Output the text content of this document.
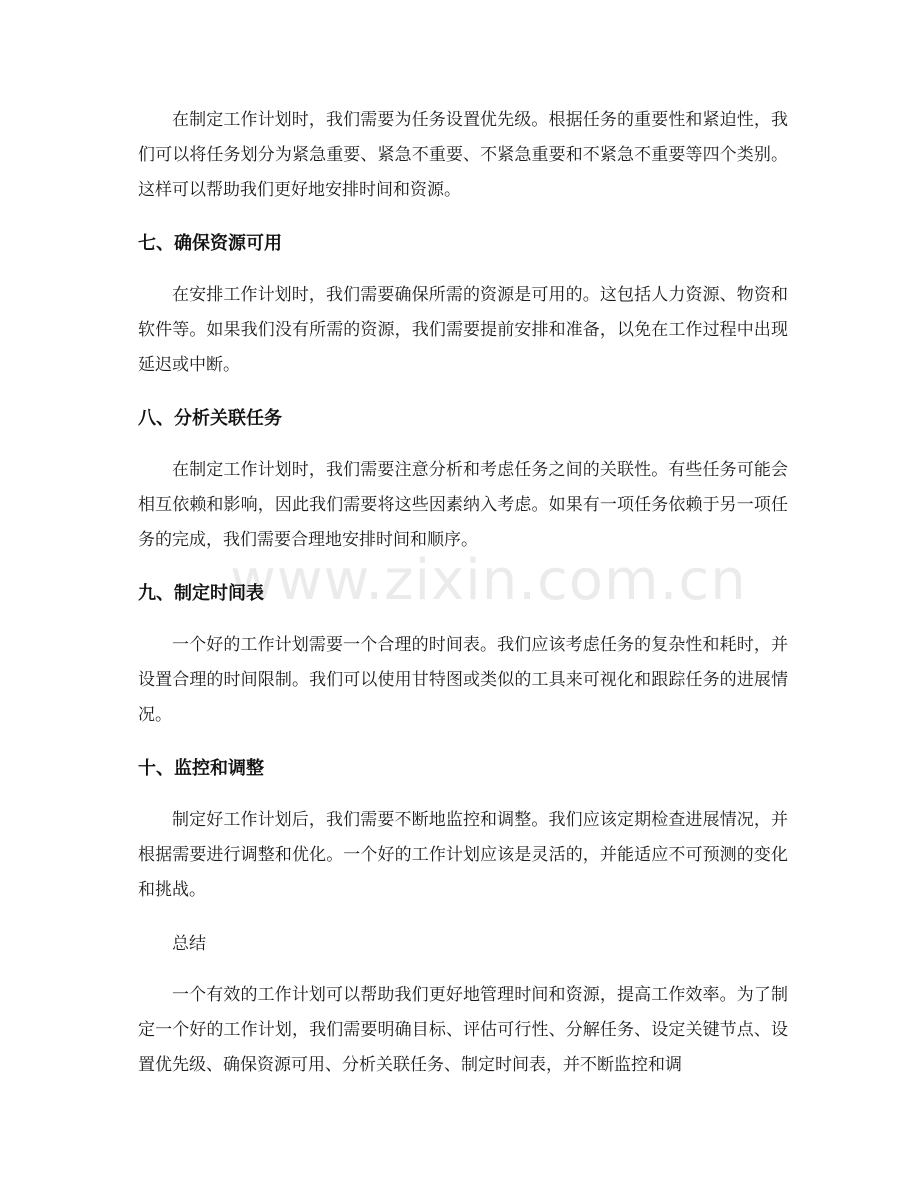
在制定工作计划时，我们需要为任务设置优先级。根据任务的重要性和紧迫性，我们可以将任务划分为紧急重要、紧急不重要、不紧急重要和不紧急不重要等四个类别。这样可以帮助我们更好地安排时间和资源。

七、确保资源可用

在安排工作计划时，我们需要确保所需的资源是可用的。这包括人力资源、物资和软件等。如果我们没有所需的资源，我们需要提前安排和准备，以免在工作过程中出现延迟或中断。

八、分析关联任务

在制定工作计划时，我们需要注意分析和考虑任务之间的关联性。有些任务可能会相互依赖和影响，因此我们需要将这些因素纳入考虑。如果有一项任务依赖于另一项任务的完成，我们需要合理地安排时间和顺序。

九、制定时间表

一个好的工作计划需要一个合理的时间表。我们应该考虑任务的复杂性和耗时，并设置合理的时间限制。我们可以使用甘特图或类似的工具来可视化和跟踪任务的进展情况。

十、监控和调整

制定好工作计划后，我们需要不断地监控和调整。我们应该定期检查进展情况，并根据需要进行调整和优化。一个好的工作计划应该是灵活的，并能适应不可预测的变化和挑战。

总结

一个有效的工作计划可以帮助我们更好地管理时间和资源，提高工作效率。为了制定一个好的工作计划，我们需要明确目标、评估可行性、分解任务、设定关键节点、设置优先级、确保资源可用、分析关联任务、制定时间表，并不断监控和调

www.zixin.com.cn
